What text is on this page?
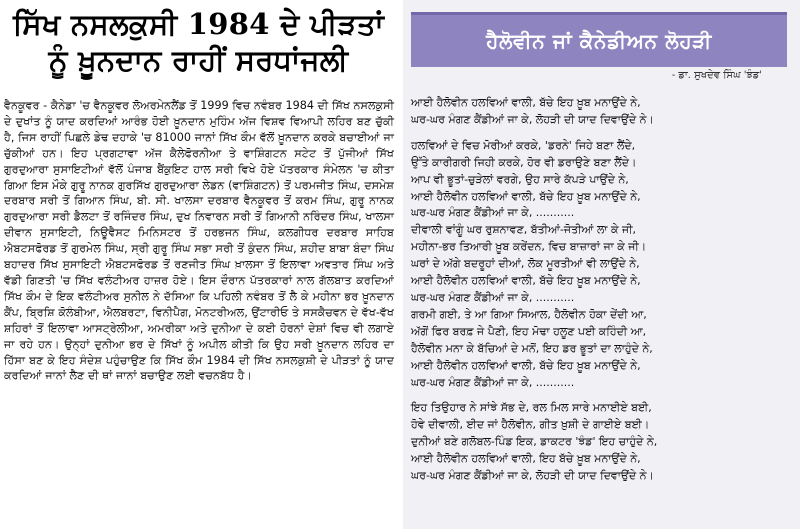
ਸਿੱਖ ਨਸਲਕੁਸੀ 1984 ਦੇ ਪੀੜਤਾਂ
ਨੂੰ ਖ਼ੂਨਦਾਨ ਰਾਹੀਂ ਸਰਧਾਂਜਲੀ

ਵੈਨਕੂਵਰ - ਕੈਨੇਡਾ 'ਚ ਵੈਨਕੂਵਰ ਲੋਅਰਮੇਨਲੈਂਡ ਤੋਂ 1999 ਵਿਚ ਨਵੰਬਰ 1984 ਦੀ ਸਿੱਖ ਨਸਲਕੁਸੀ ਦੇ ਦੁਖਾਂਤ ਨੂੰ ਯਾਦ ਕਰਦਿਆਂ ਆਰੰਭ ਹੋਈ ਖ਼ੂਨਦਾਨ ਮੁਹਿੰਮ ਅੱਜ ਵਿਸ਼ਵ ਵਿਆਪੀ ਲਹਿਰ ਬਣ ਚੁੱਕੀ ਹੈ, ਜਿਸ ਰਾਹੀਂ ਪਿਛਲੇ ਡੇਢ ਦਹਾਕੇ 'ਚ 81000 ਜਾਨਾਂ ਸਿੱਖ ਕੌਮ ਵੱਲੋਂ ਖ਼ੂਨਦਾਨ ਕਰਕੇ ਬਚਾਈਆਂ ਜਾ ਚੁੱਕੀਆਂ ਹਨ। ਇਹ ਪ੍ਰਗਟਾਵਾ ਅੱਜ ਕੈਲੇਫੋਰਨੀਆ ਤੇ ਵਾਸ਼ਿੰਗਟਨ ਸਟੇਟ ਤੋਂ ਪੁੱਜੀਆਂ ਸਿੱਖ ਗੁਰਦੁਆਰਾ ਸੁਸਾਇਟੀਆਂ ਵੱਲੋਂ ਪੰਜਾਬ ਬੈਂਕੁਇਟ ਹਾਲ ਸਰੀ ਵਿਖੇ ਹੋਏ ਪੱਤਰਕਾਰ ਸੰਮੇਲਨ 'ਚ ਕੀਤਾ ਗਿਆ ਇਸ ਮੌਕੇ ਗੁਰੂ ਨਾਨਕ ਗੁਰਸਿੱਖ ਗੁਰਦੁਆਰਾ ਲੇਡਨ (ਵਾਸ਼ਿੰਗਟਨ) ਤੋਂ ਪਰਮਜੀਤ ਸਿੰਘ, ਦਸਮੇਸ਼ ਦਰਬਾਰ ਸਰੀ ਤੋਂ ਗਿਆਨ ਸਿੰਘ, ਬੀ. ਸੀ. ਖਾਲਸਾ ਦਰਬਾਰ ਵੈਨਕੂਵਰ ਤੋਂ ਕਰਮ ਸਿੰਘ, ਗੁਰੂ ਨਾਨਕ ਗੁਰਦੁਆਰਾ ਸਰੀ ਡੈਲਟਾ ਤੋਂ ਰਜਿੰਦਰ ਸਿੰਘ, ਦੁਖ ਨਿਵਾਰਨ ਸਰੀ ਤੋਂ ਗਿਆਨੀ ਨਰਿੰਦਰ ਸਿੰਘ, ਖਾਲਸਾ ਦੀਵਾਨ ਸੁਸਾਇਟੀ, ਨਿਊਵੈਸਟ ਮਿਨਿਸਟਰ ਤੋਂ ਹਰਭਜਨ ਸਿੰਘ, ਕਲਗੀਧਰ ਦਰਬਾਰ ਸਾਹਿਬ ਐਬਟਸਫੋਰਡ ਤੋਂ ਗੁਰਮੇਲ ਸਿੰਘ, ਸ੍ਰੀ ਗੁਰੂ ਸਿੰਘ ਸਭਾ ਸਰੀ ਤੋਂ ਕੁੰਦਨ ਸਿੰਘ, ਸ਼ਹੀਦ ਬਾਬਾ ਬੰਦਾ ਸਿੰਘ ਬਹਾਦਰ ਸਿੱਖ ਸੁਸਾਇਟੀ ਐਬਟਸਫੋਰਡ ਤੋਂ ਰਣਜੀਤ ਸਿੰਘ ਖ਼ਾਲਸਾ ਤੋਂ ਇਲਾਵਾ ਅਵਤਾਰ ਸਿੰਘ ਅਤੇ ਵੱਡੀ ਗਿਣਤੀ 'ਚ ਸਿੱਖ ਵਲੰਟੀਅਰ ਹਾਜ਼ਰ ਹੋਏ। ਇਸ ਦੌਰਾਨ ਪੱਤਰਕਾਰਾਂ ਨਾਲ ਗੱਲਬਾਤ ਕਰਦਿਆਂ ਸਿੱਖ ਕੌਮ ਦੇ ਇਕ ਵਲੰਟੀਅਰ ਸੁਨੀਲ ਨੇ ਦੱਸਿਆ ਕਿ ਪਹਿਲੀ ਨਵੰਬਰ ਤੋਂ ਲੈ ਕੇ ਮਹੀਨਾ ਭਰ ਖ਼ੂਨਦਾਨ ਕੈਂਪ, ਬ੍ਰਿਸ਼ਿ ਕੋਲੰਬੀਆ, ਐਲਬਰਟਾ, ਵਿਨੀਪੈਗ, ਮੋਨਟਰੀਅਲ, ਉਂਟਾਰੀਓ ਤੇ ਸਸਕੈਚਵਨ ਦੇ ਵੱਖ-ਵੱਖ ਸ਼ਹਿਰਾਂ ਤੋਂ ਇਲਾਵਾ ਆਸਟ੍ਰੇਲੀਆ, ਅਮਰੀਕਾ ਅਤੇ ਦੁਨੀਆ ਦੇ ਕਈ ਹੋਰਨਾਂ ਦੇਸ਼ਾਂ ਵਿਚ ਵੀ ਲਗਾਏ ਜਾ ਰਹੇ ਹਨ। ਉਨ੍ਹਾਂ ਦੁਨੀਆ ਭਰ ਦੇ ਸਿੱਖਾਂ ਨੂੰ ਅਪੀਲ ਕੀਤੀ ਕਿ ਉਹ ਸਰੀ ਖ਼ੂਨਦਾਨ ਲਹਿਰ ਦਾ ਹਿੱਸਾ ਬਣ ਕੇ ਇਹ ਸੰਦੇਸ਼ ਪਹੁੰਚਾਉਣ ਕਿ ਸਿੱਖ ਕੌਮ 1984 ਦੀ ਸਿੱਖ ਨਸਲਕੁਸ਼ੀ ਦੇ ਪੀੜਤਾਂ ਨੂੰ ਯਾਦ ਕਰਦਿਆਂ ਜਾਨਾਂ ਲੈਣ ਦੀ ਥਾਂ ਜਾਨਾਂ ਬਚਾਉਣ ਲਈ ਵਚਨਬੱਧ ਹੈ।

ਹੈਲੋਵੀਨ ਜਾਂ ਕੈਨੇਡੀਅਨ ਲੋਹੜੀ
- ਡਾ. ਸੁਖਦੇਵ ਸਿੰਘ 'ਝੰਡ'
ਆਈ ਹੈਲੋਵੀਨ ਹਲਵਿਆਂ ਵਾਲੀ, ਬੱਚੇ ਇਹ ਖ਼ੂਬ ਮਨਾਉਂਦੇ ਨੇ,
ਘਰ-ਘਰ ਮੰਗਣ ਕੈਂਡੀਆਂ ਜਾ ਕੇ, ਲੋਹੜੀ ਦੀ ਯਾਦ ਦਿਵਾਉਂਦੇ ਨੇ।
ਹਲਵਿਆਂ ਦੇ ਵਿਚ ਮੋਰੀਆਂ ਕਰਕੇ, 'ਡਰਨੇ' ਜਿਹੇ ਬਣਾ ਲੈਂਦੇ,
ਉੱਤੇ ਕਾਰੀਗਰੀ ਜਿਹੀ ਕਰਕੇ, ਹੋਰ ਵੀ ਡਰਾਉਣੇ ਬਣਾ ਲੈਂਦੇ।
ਆਪ ਵੀ ਭੂਤਾਂ-ਚੁੜੇਲਾਂ ਵਰਗੇ, ਉਹ ਸਾਰੇ ਕੱਪੜੇ ਪਾਉਂਦੇ ਨੇ,
ਆਈ ਹੈਲੋਵੀਨ ਹਲਵਿਆਂ ਵਾਲੀ, ਬੱਚੇ ਇਹ ਖ਼ੂਬ ਮਨਾਉਂਦੇ ਨੇ,
ਘਰ-ਘਰ ਮੰਗਣ ਕੈਂਡੀਆਂ ਜਾ ਕੇ, ...........
ਦੀਵਾਲੀ ਵਾਂਗੂੰ ਘਰ ਰੁਸ਼ਨਾਵਣ, ਬੱਤੀਆਂ-ਜੋਤੀਆਂ ਲਾ ਕੇ ਜੀ,
ਮਹੀਨਾ-ਭਰ ਤਿਆਰੀ ਖ਼ੂਬ ਕਰੇਂਦਨ, ਵਿਚ ਬਾਜ਼ਾਰਾਂ ਜਾ ਕੇ ਜੀ।
ਘਰਾਂ ਦੇ ਅੱਗੇ ਬਦਰੂਹਾਂ ਦੀਆਂ, ਲੋਕ ਮੂਰਤੀਆਂ ਵੀ ਲਾਉਂਦੇ ਨੇ,
ਆਈ ਹੈਲੋਵੀਨ ਹਲਵਿਆਂ ਵਾਲੀ, ਬੱਚੇ ਇਹ ਖ਼ੂਬ ਮਨਾਉਂਦੇ ਨੇ,
ਘਰ-ਘਰ ਮੰਗਣ ਕੈਂਡੀਆਂ ਜਾ ਕੇ, ...........
ਗਰਮੀ ਗਈ, ਤੇ ਆ ਗਿਆ ਸਿਆਲ, ਹੈਲੋਵੀਨ ਹੋਕਾ ਦੇਂਦੀ ਆ,
ਅੱਗੋਂ ਫਿਰ ਬਰਫ਼ ਜੇ ਪੈਣੀ, ਇਹ ਮੋਢਾ ਹਲੂਣ ਪਈ ਕਹਿੰਦੀ ਆ,
ਹੈਲੋਵੀਨ ਮਨਾ ਕੇ ਬੱਚਿਆਂ ਦੇ ਮਨੋਂ, ਇਹ ਡਰ ਭੂਤਾਂ ਦਾ ਲਾਹੁੰਦੇ ਨੇ,
ਆਈ ਹੈਲੋਵੀਨ ਹਲਵਿਆਂ ਵਾਲੀ, ਬੱਚੇ ਇਹ ਖ਼ੂਬ ਮਨਾਉਂਦੇ ਨੇ,
ਘਰ-ਘਰ ਮੰਗਣ ਕੈਂਡੀਆਂ ਜਾ ਕੇ, ...........
ਇਹ ਤਿਉਹਾਰ ਨੇ ਸਾਂਝੇ ਸੱਭ ਦੇ, ਰਲ ਮਿਲ ਸਾਰੇ ਮਨਾਈਏ ਬਈ,
ਹੋਵੇ ਦੀਵਾਲੀ, ਈਦ ਜਾਂ ਹੈਲੋਵੀਨ, ਗੀਤ ਖ਼ੁਸ਼ੀ ਦੇ ਗਾਈਏ ਬਈ।
ਦੁਨੀਆਂ ਬਣੇ ਗਲੋਬਲ-ਪਿੰਡ ਇਕ, ਡਾਕਟਰ 'ਝੰਡ' ਇਹ ਚਾਹੁੰਦੇ ਨੇ,
ਆਈ ਹੈਲੋਵੀਨ ਹਲਵਿਆਂ ਵਾਲੀ, ਇਹ ਬੱਚੇ ਖ਼ੂਬ ਮਨਾਉਂਦੇ ਨੇ,
ਘਰ-ਘਰ ਮੰਗਣ ਕੈਂਡੀਆਂ ਜਾ ਕੇ, ਲੋਹੜੀ ਦੀ ਯਾਦ ਦਿਵਾਉਂਦੇ ਨੇ।
